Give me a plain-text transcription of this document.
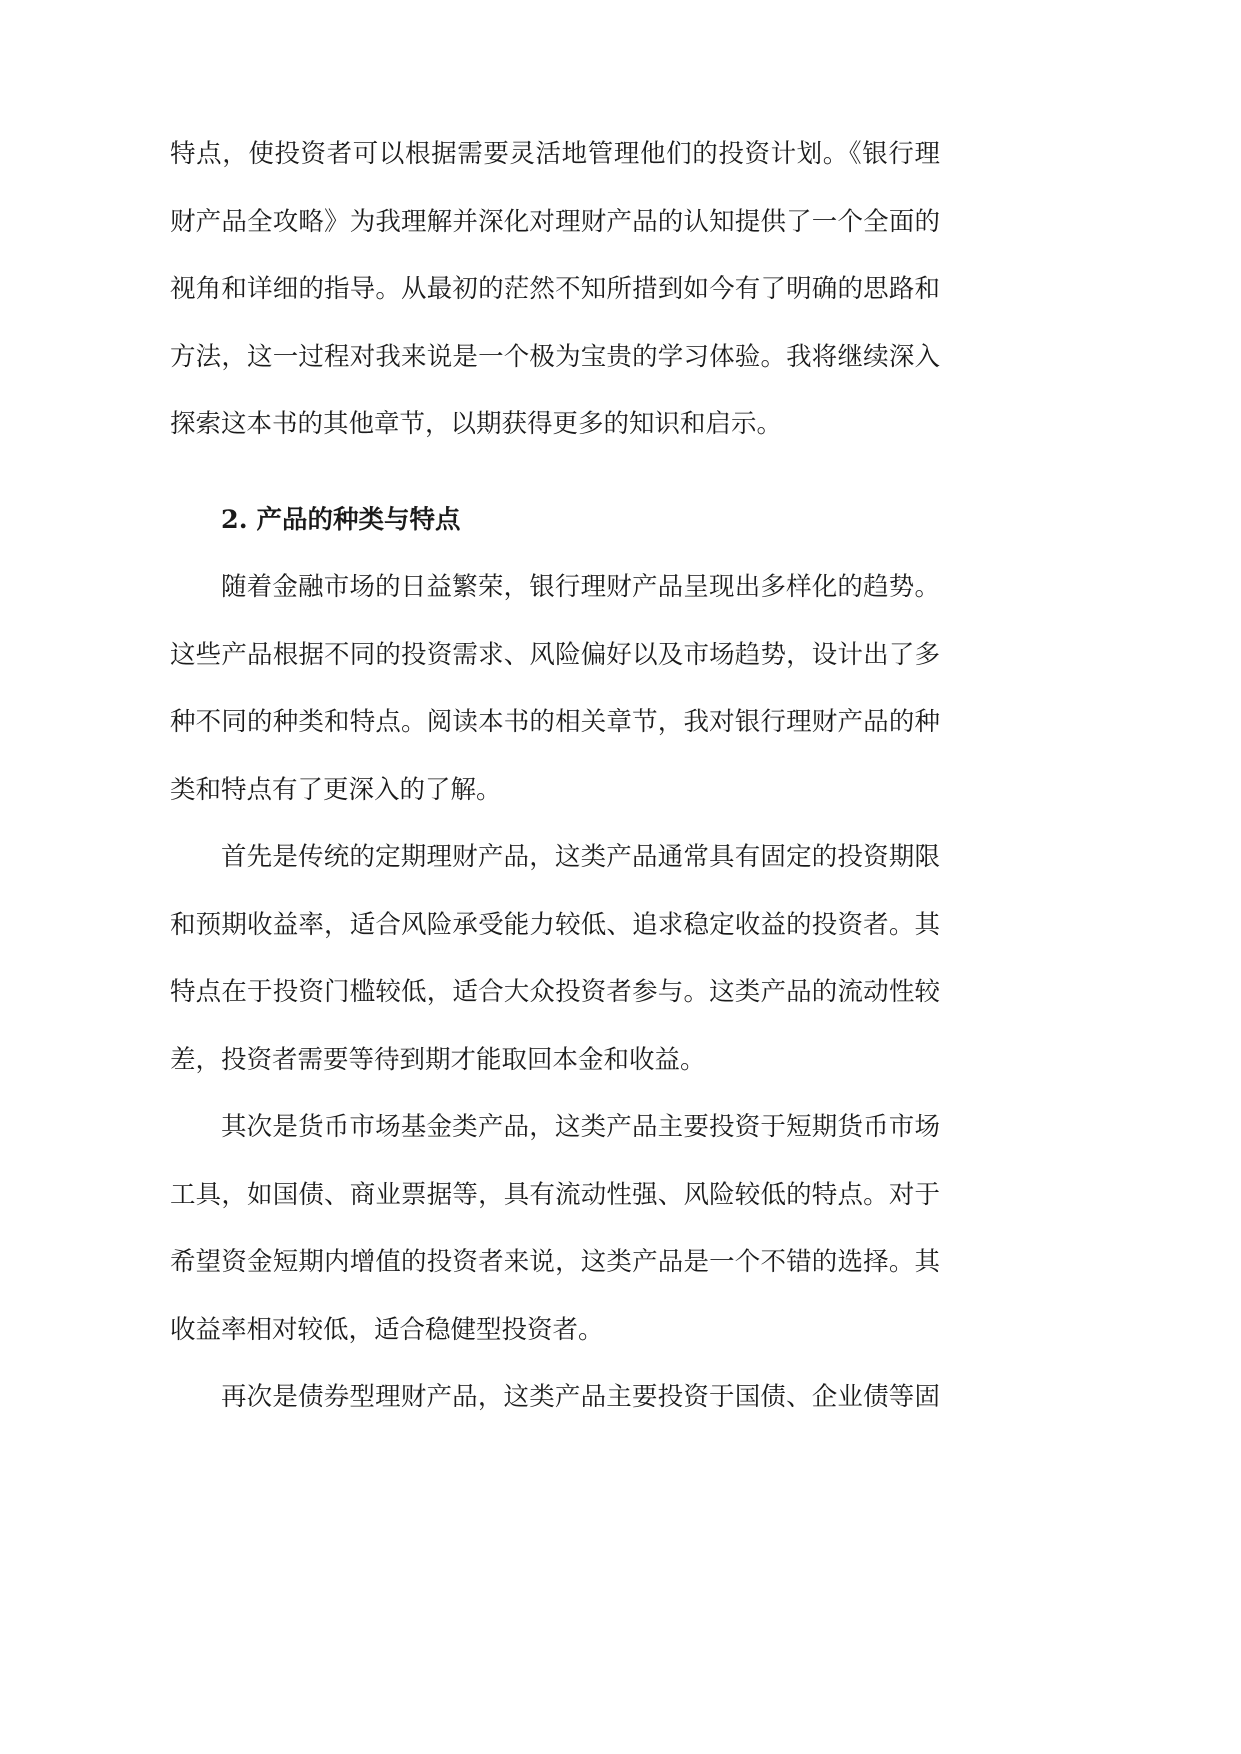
特点，使投资者可以根据需要灵活地管理他们的投资计划。《银行理
财产品全攻略》为我理解并深化对理财产品的认知提供了一个全面的
视角和详细的指导。从最初的茫然不知所措到如今有了明确的思路和
方法，这一过程对我来说是一个极为宝贵的学习体验。我将继续深入
探索这本书的其他章节，以期获得更多的知识和启示。
2. 产品的种类与特点
随着金融市场的日益繁荣，银行理财产品呈现出多样化的趋势。
这些产品根据不同的投资需求、风险偏好以及市场趋势，设计出了多
种不同的种类和特点。阅读本书的相关章节，我对银行理财产品的种
类和特点有了更深入的了解。
首先是传统的定期理财产品，这类产品通常具有固定的投资期限
和预期收益率，适合风险承受能力较低、追求稳定收益的投资者。其
特点在于投资门槛较低，适合大众投资者参与。这类产品的流动性较
差，投资者需要等待到期才能取回本金和收益。
其次是货币市场基金类产品，这类产品主要投资于短期货币市场
工具，如国债、商业票据等，具有流动性强、风险较低的特点。对于
希望资金短期内增值的投资者来说，这类产品是一个不错的选择。其
收益率相对较低，适合稳健型投资者。
再次是债券型理财产品，这类产品主要投资于国债、企业债等固
